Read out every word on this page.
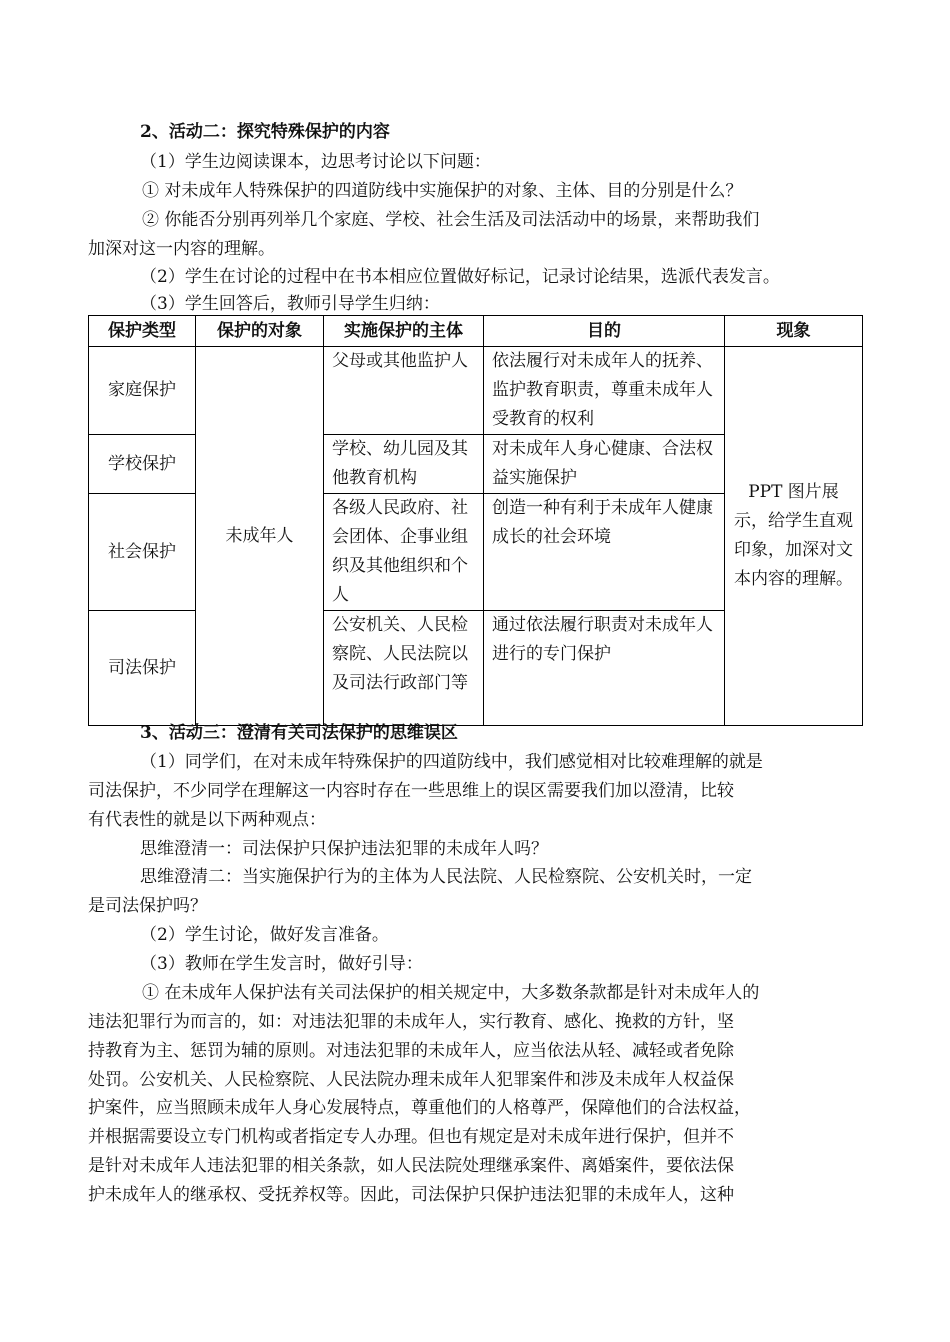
2、活动二：探究特殊保护的内容
（1）学生边阅读课本，边思考讨论以下问题：
① 对未成年人特殊保护的四道防线中实施保护的对象、主体、目的分别是什么？
② 你能否分别再列举几个家庭、学校、社会生活及司法活动中的场景，来帮助我们
加深对这一内容的理解。
（2）学生在讨论的过程中在书本相应位置做好标记，记录讨论结果，选派代表发言。
（3）学生回答后，教师引导学生归纳：
保护类型	保护的对象	实施保护的主体	目的	现象
家庭保护	未成年人	父母或其他监护人	依法履行对未成年人的抚养、监护教育职责，尊重未成年人受教育的权利	PPT 图片展示，给学生直观印象，加深对文本内容的理解。
学校保护		学校、幼儿园及其他教育机构	对未成年人身心健康、合法权益实施保护	
社会保护		各级人民政府、社会团体、企事业组织及其他组织和个人	创造一种有利于未成年人健康成长的社会环境	
司法保护		公安机关、人民检察院、人民法院以及司法行政部门等	通过依法履行职责对未成年人进行的专门保护	
3、活动三：澄清有关司法保护的思维误区
（1）同学们，在对未成年特殊保护的四道防线中，我们感觉相对比较难理解的就是
司法保护，不少同学在理解这一内容时存在一些思维上的误区需要我们加以澄清，比较
有代表性的就是以下两种观点：
思维澄清一：司法保护只保护违法犯罪的未成年人吗？
思维澄清二：当实施保护行为的主体为人民法院、人民检察院、公安机关时，一定
是司法保护吗？
（2）学生讨论，做好发言准备。
（3）教师在学生发言时，做好引导：
① 在未成年人保护法有关司法保护的相关规定中，大多数条款都是针对未成年人的
违法犯罪行为而言的，如：对违法犯罪的未成年人，实行教育、感化、挽救的方针，坚
持教育为主、惩罚为辅的原则。对违法犯罪的未成年人，应当依法从轻、减轻或者免除
处罚。公安机关、人民检察院、人民法院办理未成年人犯罪案件和涉及未成年人权益保
护案件，应当照顾未成年人身心发展特点，尊重他们的人格尊严，保障他们的合法权益，
并根据需要设立专门机构或者指定专人办理。但也有规定是对未成年进行保护，但并不
是针对未成年人违法犯罪的相关条款，如人民法院处理继承案件、离婚案件，要依法保
护未成年人的继承权、受抚养权等。因此，司法保护只保护违法犯罪的未成年人，这种
